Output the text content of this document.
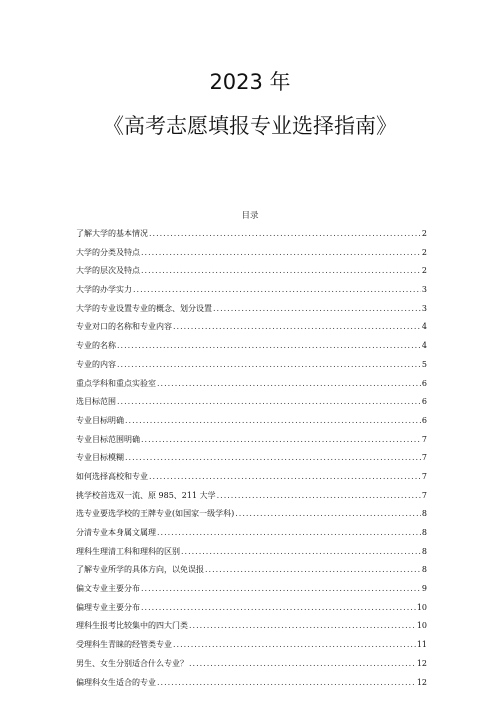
2023 年
《高考志愿填报专业选择指南》
目录
了解大学的基本情况 .....	2
大学的分类及特点 .....	2
大学的层次及特点 .....	2
大学的办学实力 .....	3
大学的专业设置专业的概念、划分设置 .....	3
专业对口的名称和专业内容 .....	4
专业的名称 .....	4
专业的内容 .....	5
重点学科和重点实验室 .....	6
选目标范围 .....	6
专业目标明确 .....	6
专业目标范围明确 .....	7
专业目标模糊 .....	7
如何选择高校和专业 .....	7
挑学校首选双一流、原 985、211 大学 .....	7
选专业要选学校的王牌专业(如国家一级学科) .....	8
分清专业本身属文属理 .....	8
理科生理清工科和理科的区别 .....	8
了解专业所学的具体方向，以免误报 .....	8
偏文专业主要分布 .....	9
偏理专业主要分布 .....	10
理科生报考比较集中的四大门类 .....	10
受理科生青睐的经管类专业 .....	11
男生、女生分别适合什么专业？ .....	12
偏理科女生适合的专业 .....	12
